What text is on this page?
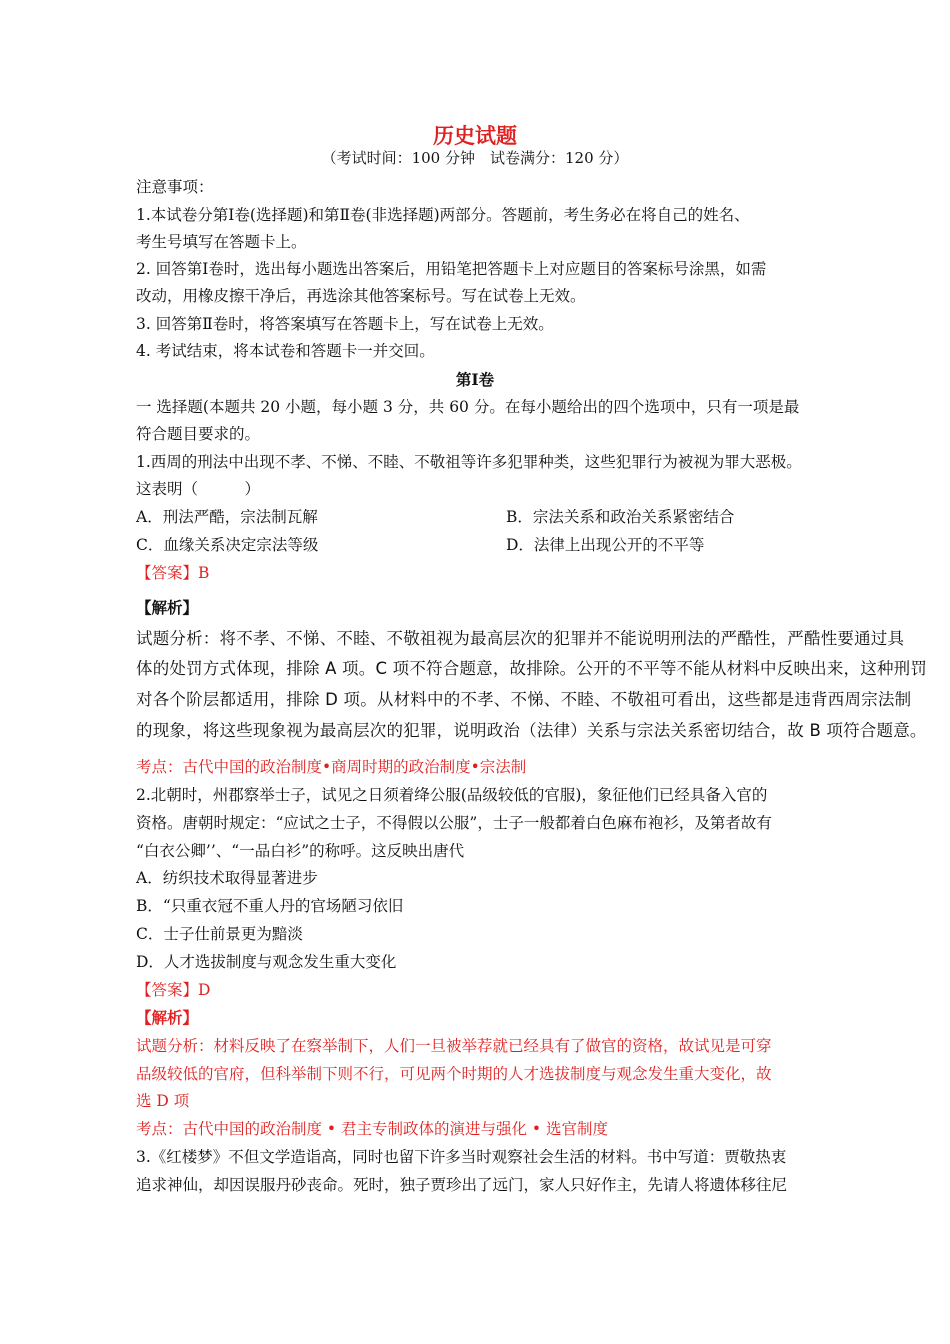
历史试题
（考试时间：100 分钟　试卷满分：120 分）
注意事项：
1.本试卷分第Ⅰ卷(选择题)和第Ⅱ卷(非选择题)两部分。答题前，考生务必在将自己的姓名、
考生号填写在答题卡上。
2. 回答第Ⅰ卷时，选出每小题选出答案后，用铅笔把答题卡上对应题目的答案标号涂黑，如需
改动，用橡皮擦干净后，再选涂其他答案标号。写在试卷上无效。
3. 回答第Ⅱ卷时，将答案填写在答题卡上，写在试卷上无效。
4. 考试结束，将本试卷和答题卡一并交回。
第Ⅰ卷
一 选择题(本题共 20 小题，每小题 3 分，共 60 分。在每小题给出的四个选项中，只有一项是最
符合题目要求的。
1.西周的刑法中出现不孝、不悌、不睦、不敬祖等许多犯罪种类，这些犯罪行为被视为罪大恶极。
这表明（　　　）
A．刑法严酷，宗法制瓦解	B．宗法关系和政治关系紧密结合
C．血缘关系决定宗法等级	D．法律上出现公开的不平等
【答案】B
【解析】
试题分析：将不孝、不悌、不睦、不敬祖视为最高层次的犯罪并不能说明刑法的严酷性，严酷性要通过具
体的处罚方式体现，排除 A 项。C 项不符合题意，故排除。公开的不平等不能从材料中反映出来，这种刑罚
对各个阶层都适用，排除 D 项。从材料中的不孝、不悌、不睦、不敬祖可看出，这些都是违背西周宗法制
的现象，将这些现象视为最高层次的犯罪，说明政治（法律）关系与宗法关系密切结合，故 B 项符合题意。
考点：古代中国的政治制度•商周时期的政治制度•宗法制
2.北朝时，州郡察举士子，试见之日须着绛公服(品级较低的官服)，象征他们已经具备入官的
资格。唐朝时规定：“应试之士子，不得假以公服”，士子一般都着白色麻布袍衫，及第者故有
“白衣公卿’’、“一品白衫”的称呼。这反映出唐代
A．纺织技术取得显著进步
B．“只重衣冠不重人丹的官场陋习依旧
C．士子仕前景更为黯淡
D．人才选拔制度与观念发生重大变化
【答案】D
【解析】
试题分析：材料反映了在察举制下，人们一旦被举荐就已经具有了做官的资格，故试见是可穿
品级较低的官府，但科举制下则不行，可见两个时期的人才选拔制度与观念发生重大变化，故
选 D 项
考点：古代中国的政治制度 • 君主专制政体的演进与强化 • 选官制度
3.《红楼梦》不但文学造诣高，同时也留下许多当时观察社会生活的材料。书中写道：贾敬热衷
追求神仙，却因误服丹砂丧命。死时，独子贾珍出了远门，家人只好作主，先请人将遗体移往尼
